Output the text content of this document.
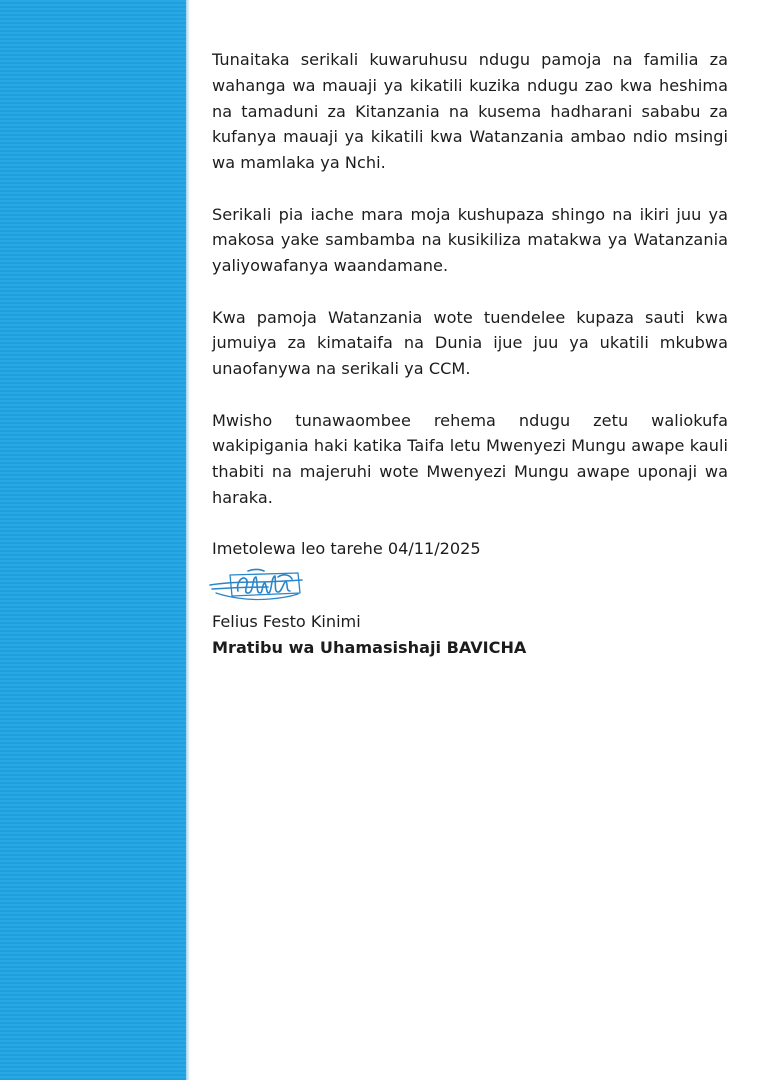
Tunaitaka serikali kuwaruhusu ndugu pamoja na familia za wahanga wa mauaji ya kikatili kuzika ndugu zao kwa heshima na tamaduni za Kitanzania na kusema hadharani sababu za kufanya mauaji ya kikatili kwa Watanzania ambao ndio msingi wa mamlaka ya Nchi.

Serikali pia iache mara moja kushupaza shingo na ikiri juu ya makosa yake sambamba na kusikiliza matakwa ya Watanzania yaliyowafanya waandamane.

Kwa pamoja Watanzania wote tuendelee kupaza sauti kwa jumuiya za kimataifa na Dunia ijue juu ya ukatili mkubwa unaofanywa na serikali ya CCM.

Mwisho tunawaombee rehema ndugu zetu waliokufa wakipigania haki katika Taifa letu Mwenyezi Mungu awape kauli thabiti na majeruhi wote Mwenyezi Mungu awape uponaji wa haraka.

Imetolewa leo tarehe 04/11/2025

Felius Festo Kinimi

Mratibu wa Uhamasishaji BAVICHA
